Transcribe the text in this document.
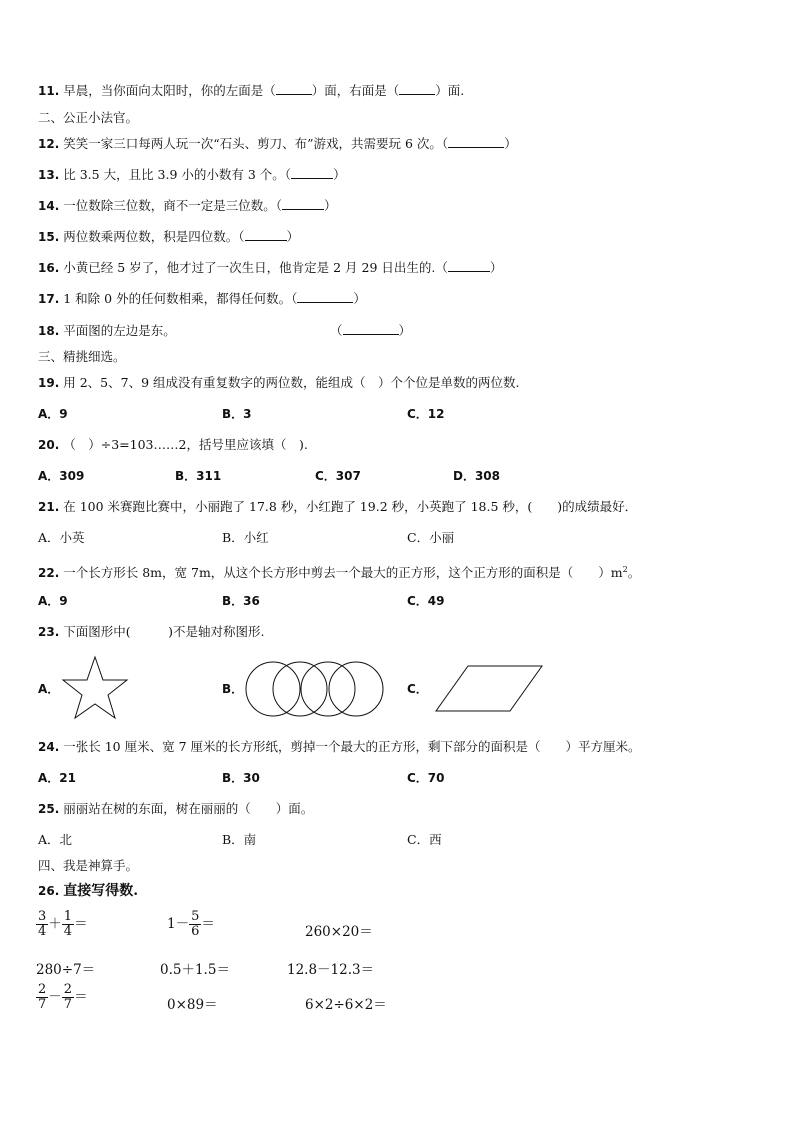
11. 早晨，当你面向太阳时，你的左面是（	）面，右面是（	）面.
二、公正小法官。
12. 笑笑一家三口每两人玩一次“石头、剪刀、布”游戏，共需要玩 6 次。（	）
13. 比 3.5 大，且比 3.9 小的小数有 3 个。（	）
14. 一位数除三位数，商不一定是三位数。（	）
15. 两位数乘两位数，积是四位数。（	）
16. 小黄已经 5 岁了，他才过了一次生日，他肯定是 2 月 29 日出生的.（	）
17. 1 和除 0 外的任何数相乘，都得任何数。（	）
18. 平面图的左边是东。	（	）
三、精挑细选。
19. 用 2、5、7、9 组成没有重复数字的两位数，能组成（　）个个位是单数的两位数.
A．9	B．3	C．12
20. （　）÷3=103……2，括号里应该填（　).
A．309	B．311	C．307	D．308
21. 在 100 米赛跑比赛中，小丽跑了 17.8 秒，小红跑了 19.2 秒，小英跑了 18.5 秒，(　　)的成绩最好．
A．小英	B．小红	C．小丽
22. 一个长方形长 8m，宽 7m，从这个长方形中剪去一个最大的正方形，这个正方形的面积是（　　）$m^2$。
A．9	B．36	C．49
23. 下面图形中(　　　)不是轴对称图形.
A．	B．	C．
24. 一张长 10 厘米、宽 7 厘米的长方形纸，剪掉一个最大的正方形，剩下部分的面积是（　　）平方厘米。
A．21	B．30	C．70
25. 丽丽站在树的东面，树在丽丽的（　　）面。
A．北	B．南	C．西
四、我是神算手。
26. 直接写得数.
$\frac{3}{4} + \frac{1}{4}$ ＝	$1- \frac{5}{6}$ ＝	260×20＝
280÷7＝	0.5＋1.5＝	12.8－12.3＝
$\frac{2}{7} - \frac{2}{7}$ ＝	0×89＝	6×2÷6×2＝
